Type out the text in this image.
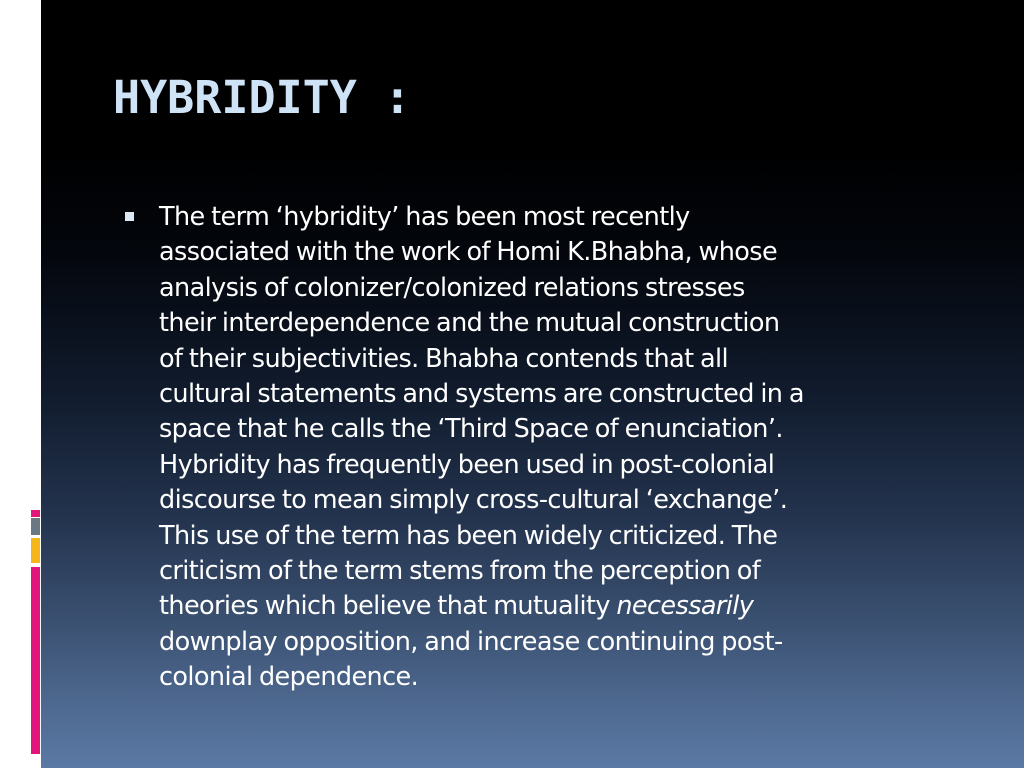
HYBRIDITY :
The term ‘hybridity’ has been most recently
associated with the work of Homi K.Bhabha, whose
analysis of colonizer/colonized relations stresses
their interdependence and the mutual construction
of their subjectivities. Bhabha contends that all
cultural statements and systems are constructed in a
space that he calls the ‘Third Space of enunciation’.
Hybridity has frequently been used in post-colonial
discourse to mean simply cross-cultural ‘exchange’.
This use of the term has been widely criticized. The
criticism of the term stems from the perception of
theories which believe that mutuality necessarily
downplay opposition, and increase continuing post-
colonial dependence.
